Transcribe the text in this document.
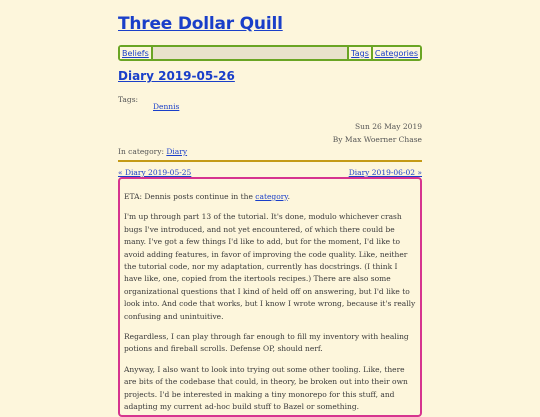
Three Dollar Quill
Beliefs	Tags Categories
Diary 2019-05-26
Tags:
Dennis
Sun 26 May 2019
By Max Woerner Chase
In category: Diary
« Diary 2019-05-25	Diary 2019-06-02 »

ETA: Dennis posts continue in the category.

I'm up through part 13 of the tutorial. It's done, modulo whichever crash bugs I've introduced, and not yet encountered, of which there could be many. I've got a few things I'd like to add, but for the moment, I'd like to avoid adding features, in favor of improving the code quality. Like, neither the tutorial code, nor my adaptation, currently has docstrings. (I think I have like, one, copied from the itertools recipes.) There are also some organizational questions that I kind of held off on answering, but I'd like to look into. And code that works, but I know I wrote wrong, because it's really confusing and unintuitive.

Regardless, I can play through far enough to fill my inventory with healing potions and fireball scrolls. Defense OP, should nerf.

Anyway, I also want to look into trying out some other tooling. Like, there are bits of the codebase that could, in theory, be broken out into their own projects. I'd be interested in making a tiny monorepo for this stuff, and adapting my current ad-hoc build stuff to Bazel or something.
